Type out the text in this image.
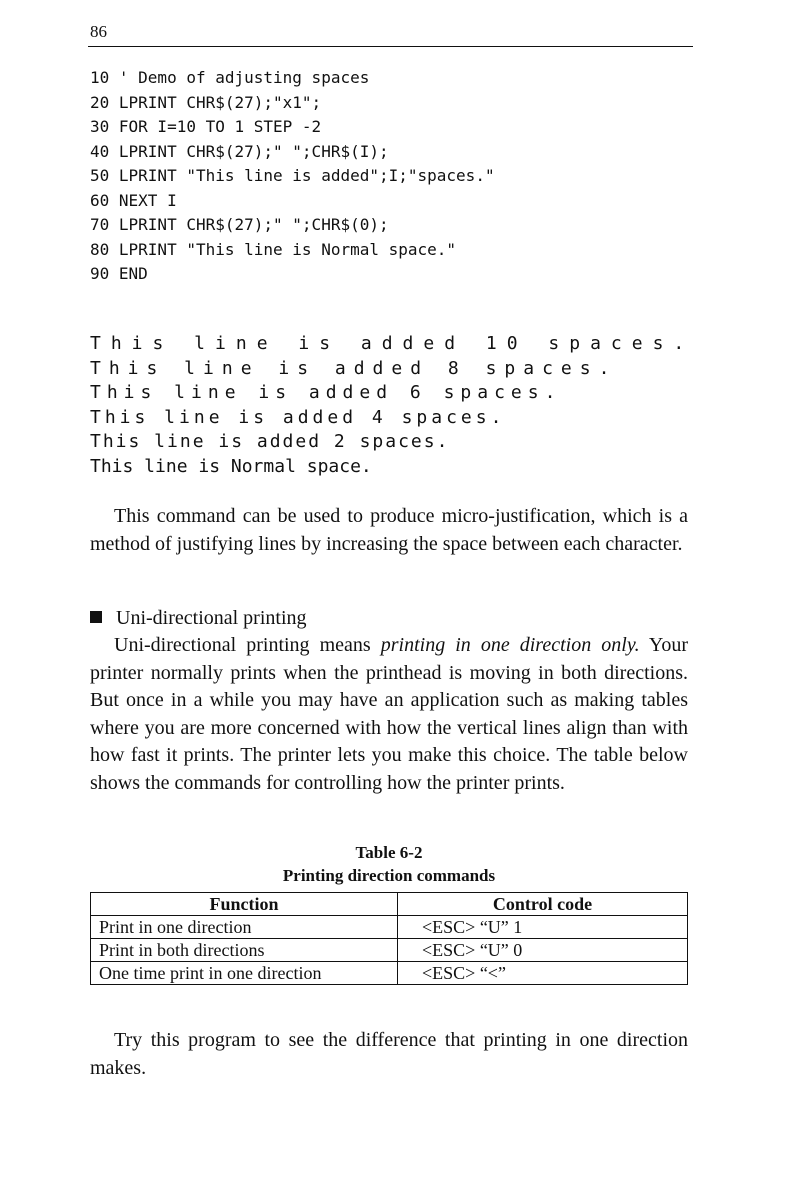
86
10 ' Demo of adjusting spaces
20 LPRINT CHR$(27);"x1";
30 FOR I=10 TO 1 STEP -2
40 LPRINT CHR$(27);" ";CHR$(I);
50 LPRINT "This line is added";I;"spaces."
60 NEXT I
70 LPRINT CHR$(27);" ";CHR$(0);
80 LPRINT "This line is Normal space."
90 END
This line is added 10 spaces.
This line is added 8 spaces.
This line is added 6 spaces.
This line is added 4 spaces.
This line is added 2 spaces.
This line is Normal space.

This command can be used to produce micro-justification, which is a method of justifying lines by increasing the space between each character.

Uni-directional printing

Uni-directional printing means printing in one direction only. Your printer normally prints when the printhead is moving in both directions. But once in a while you may have an application such as making tables where you are more concerned with how the vertical lines align than with how fast it prints. The printer lets you make this choice. The table below shows the commands for controlling how the printer prints.

Table 6-2
Printing direction commands
Function	Control code
Print in one direction	<ESC> “U” 1
Print in both directions	<ESC> “U” 0
One time print in one direction	<ESC> “<”

Try this program to see the difference that printing in one direction makes.
